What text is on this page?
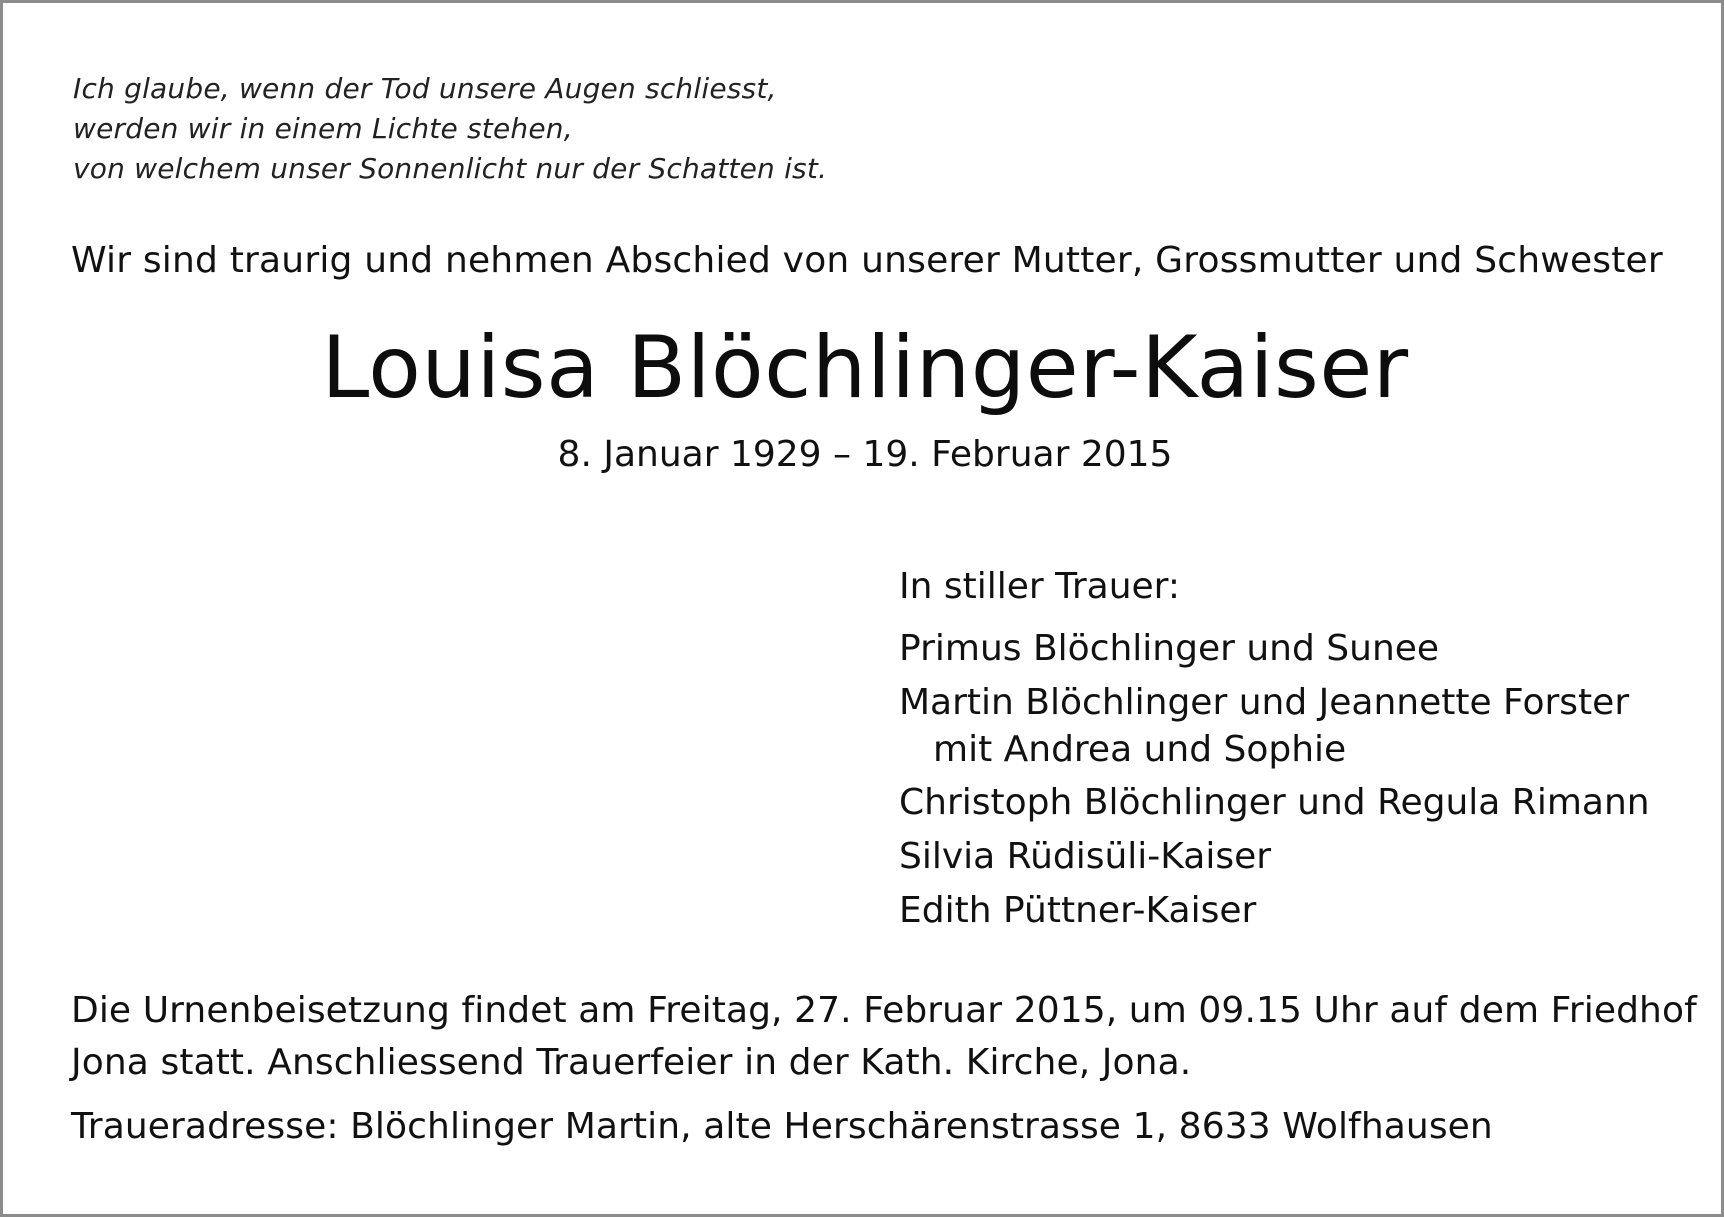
Ich glaube, wenn der Tod unsere Augen schliesst,
werden wir in einem Lichte stehen,
von welchem unser Sonnenlicht nur der Schatten ist.
Wir sind traurig und nehmen Abschied von unserer Mutter, Grossmutter und Schwester
Louisa Blöchlinger-Kaiser
8. Januar 1929 – 19. Februar 2015
In stiller Trauer:
Primus Blöchlinger und Sunee
Martin Blöchlinger und Jeannette Forster
mit Andrea und Sophie
Christoph Blöchlinger und Regula Rimann
Silvia Rüdisüli-Kaiser
Edith Püttner-Kaiser
Die Urnenbeisetzung findet am Freitag, 27. Februar 2015, um 09.15 Uhr auf dem Friedhof
Jona statt. Anschliessend Trauerfeier in der Kath. Kirche, Jona.
Traueradresse: Blöchlinger Martin, alte Herschärenstrasse 1, 8633 Wolfhausen
